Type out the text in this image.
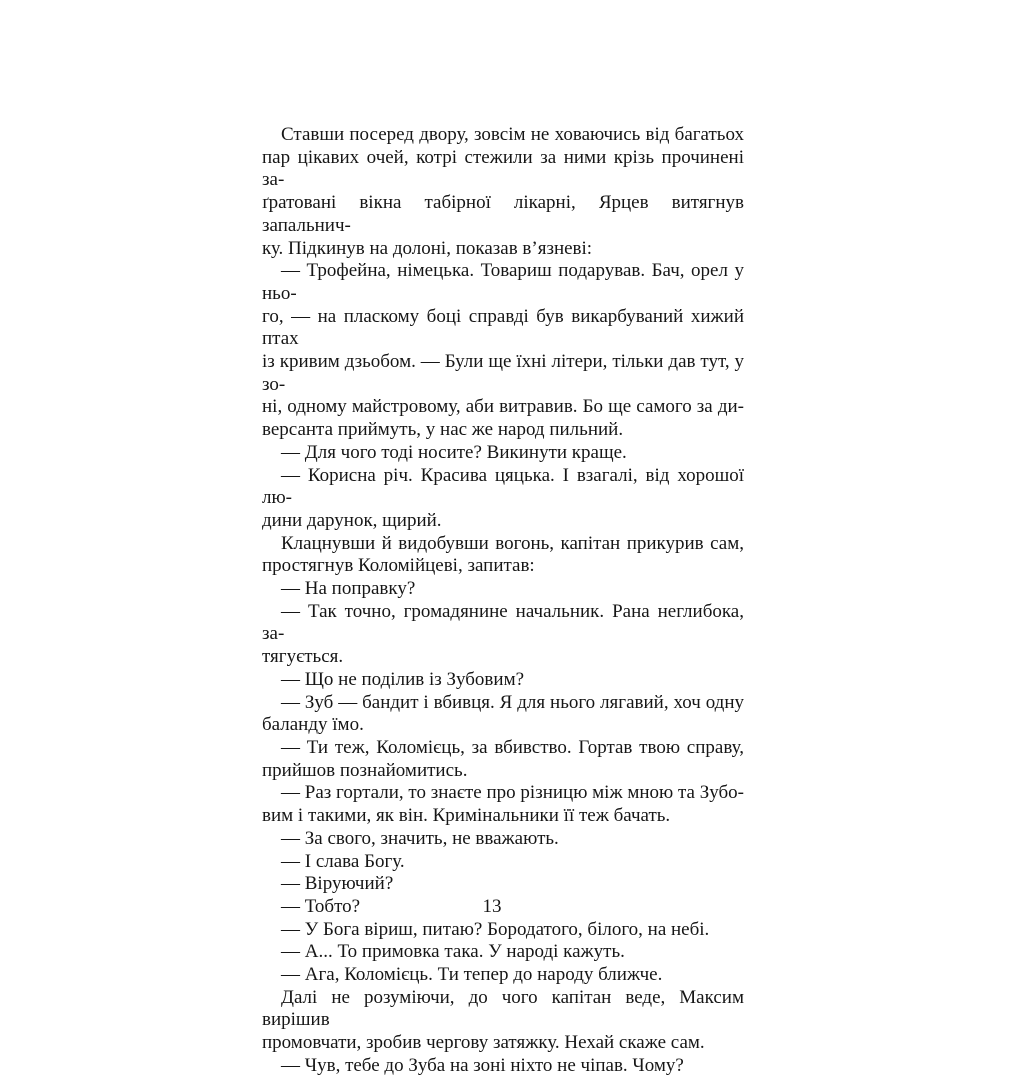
Ставши посеред двору, зовсім не ховаючись від багатьох
пар цікавих очей, котрі стежили за ними крізь прочинені за-
ґратовані вікна табірної лікарні, Ярцев витягнув запальнич-
ку. Підкинув на долоні, показав в’язневі:
— Трофейна, німецька. Товариш подарував. Бач, орел у ньо-
го, — на пласкому боці справді був викарбуваний хижий птах
із кривим дзьобом. — Були ще їхні літери, тільки дав тут, у зо-
ні, одному майстровому, аби витравив. Бо ще самого за ди-
версанта приймуть, у нас же народ пильний.
— Для чого тоді носите? Викинути краще.
— Корисна річ. Красива цяцька. І взагалі, від хорошої лю-
дини дарунок, щирий.
Клацнувши й видобувши вогонь, капітан прикурив сам,
простягнув Коломійцеві, запитав:
— На поправку?
— Так точно, громадянине начальник. Рана неглибока, за-
тягується.
— Що не поділив із Зубовим?
— Зуб — бандит і вбивця. Я для нього лягавий, хоч одну
баланду їмо.
— Ти теж, Коломієць, за вбивство. Гортав твою справу,
прийшов познайомитись.
— Раз гортали, то знаєте про різницю між мною та Зубо-
вим і такими, як він. Кримінальники її теж бачать.
— За свого, значить, не вважають.
— І слава Богу.
— Віруючий?
— Тобто?
— У Бога віриш, питаю? Бородатого, білого, на небі.
— А... То примовка така. У народі кажуть.
— Ага, Коломієць. Ти тепер до народу ближче.
Далі не розуміючи, до чого капітан веде, Максим вирішив
промовчати, зробив чергову затяжку. Нехай скаже сам.
— Чув, тебе до Зуба на зоні ніхто не чіпав. Чому?
13
